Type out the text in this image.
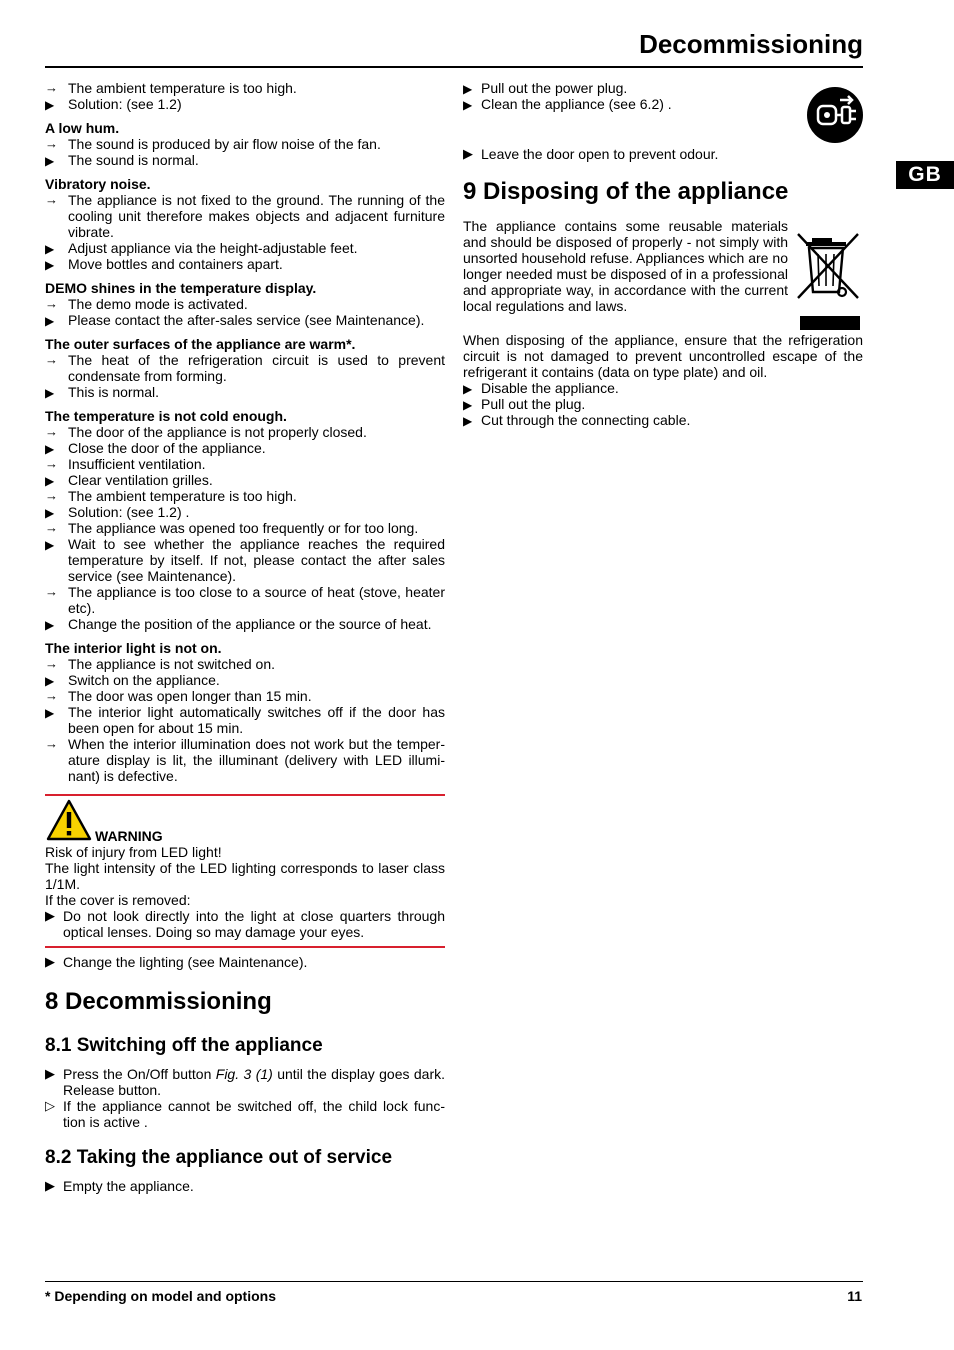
Decommissioning
GB
→ The ambient temperature is too high.
▶ Solution: (see 1.2)
A low hum.
→ The sound is produced by air flow noise of the fan.
▶ The sound is normal.
Vibratory noise.
→ The appliance is not fixed to the ground. The running of the cooling unit therefore makes objects and adjacent furniture vibrate.
▶ Adjust appliance via the height-adjustable feet.
▶ Move bottles and containers apart.
DEMO shines in the temperature display.
→ The demo mode is activated.
▶ Please contact the after-sales service (see Maintenance).
The outer surfaces of the appliance are warm*.
→ The heat of the refrigeration circuit is used to prevent condensate from forming.
▶ This is normal.
The temperature is not cold enough.
→ The door of the appliance is not properly closed.
▶ Close the door of the appliance.
→ Insufficient ventilation.
▶ Clear ventilation grilles.
→ The ambient temperature is too high.
▶ Solution: (see 1.2) .
→ The appliance was opened too frequently or for too long.
▶ Wait to see whether the appliance reaches the required temperature by itself. If not, please contact the after sales service (see Maintenance).
→ The appliance is too close to a source of heat (stove, heater etc).
▶ Change the position of the appliance or the source of heat.
The interior light is not on.
→ The appliance is not switched on.
▶ Switch on the appliance.
→ The door was open longer than 15 min.
▶ The interior light automatically switches off if the door has been open for about 15 min.
→ When the interior illumination does not work but the temper-ature display is lit, the illuminant (delivery with LED illumi-nant) is defective.
WARNING
Risk of injury from LED light!
The light intensity of the LED lighting corresponds to laser class 1/1M.
If the cover is removed:
▶ Do not look directly into the light at close quarters through optical lenses. Doing so may damage your eyes.
▶ Change the lighting (see Maintenance).
8 Decommissioning
8.1 Switching off the appliance
▶ Press the On/Off button Fig. 3 (1) until the display goes dark. Release button.
▷ If the appliance cannot be switched off, the child lock func-tion is active .
8.2 Taking the appliance out of service
▶ Empty the appliance.
▶ Pull out the power plug.
▶ Clean the appliance (see 6.2) .
▶ Leave the door open to prevent odour.
9 Disposing of the appliance
The appliance contains some reusable materials and should be disposed of properly - not simply with unsorted household refuse. Appliances which are no longer needed must be disposed of in a professional and appropriate way, in accordance with the current local regulations and laws.
When disposing of the appliance, ensure that the refrigeration circuit is not damaged to prevent uncontrolled escape of the refrigerant it contains (data on type plate) and oil.
▶ Disable the appliance.
▶ Pull out the plug.
▶ Cut through the connecting cable.
* Depending on model and options	11
